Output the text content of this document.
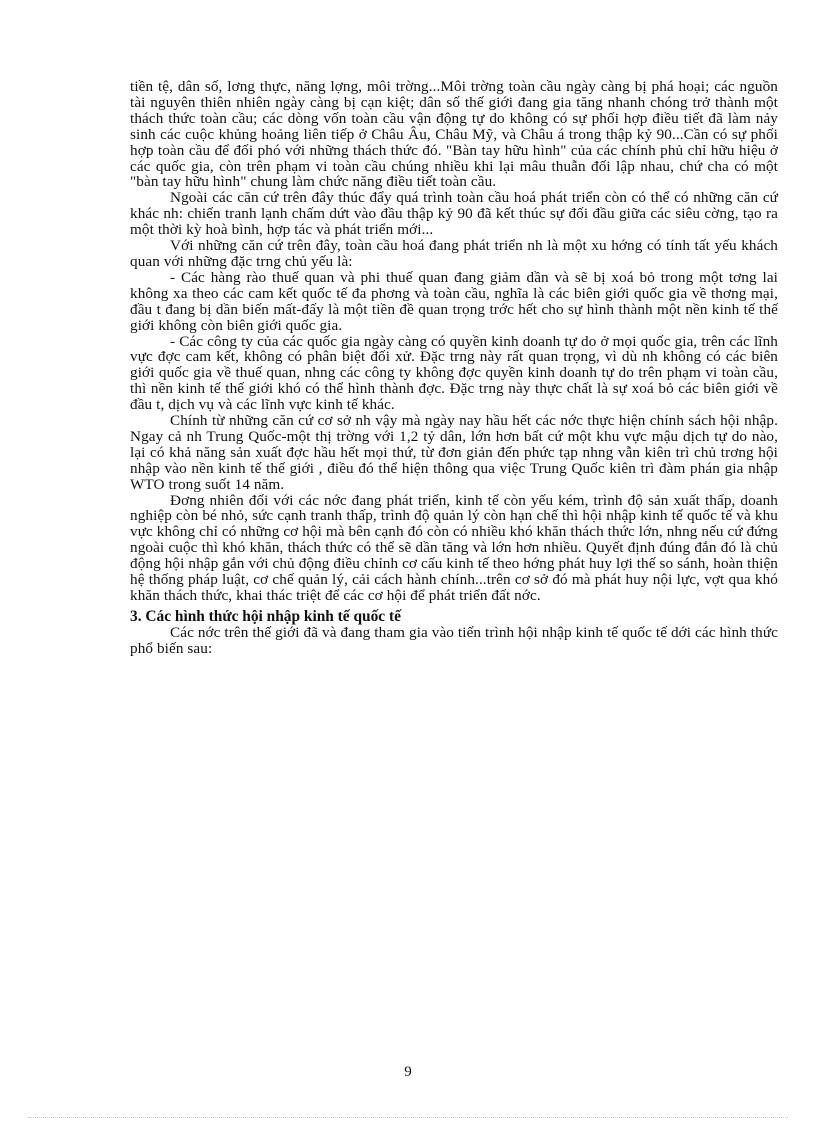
tiền tệ, dân số, lơng thực, năng lợng, môi trờng...Môi trờng toàn cầu ngày càng bị phá hoại; các nguồn tài nguyên thiên nhiên ngày càng bị cạn kiệt; dân số thế giới đang gia tăng nhanh chóng trở thành một thách thức toàn cầu; các dòng vốn toàn cầu vận động tự do không có sự phối hợp điều tiết đã làm nảy sinh các cuộc khủng hoảng liên tiếp ở Châu Âu, Châu Mỹ, và Châu á trong thập kỷ 90...Cần có sự phối hợp toàn cầu để đối phó với những thách thức đó. "Bàn tay hữu hình" của các chính phủ chỉ hữu hiệu ở các quốc gia, còn trên phạm vi toàn cầu chúng nhiều khi lại mâu thuẫn đối lập nhau, chứ cha có một "bàn tay hữu hình" chung làm chức năng điều tiết toàn cầu.

Ngoài các căn cứ trên đây thúc đẩy quá trình toàn cầu hoá phát triển còn có thể có những căn cứ khác nh: chiến tranh lạnh chấm dứt vào đầu thập kỷ 90 đã kết thúc sự đối đầu giữa các siêu cờng, tạo ra một thời kỳ hoà bình, hợp tác và phát triển mới...

Với những căn cứ trên đây, toàn cầu hoá đang phát triển nh là một xu hớng có tính tất yếu khách quan với những đặc trng chủ yếu là:

- Các hàng rào thuế quan và phi thuế quan đang giảm dần và sẽ bị xoá bỏ trong một tơng lai không xa theo các cam kết quốc tế đa phơng và toàn cầu, nghĩa là các biên giới quốc gia về thơng mại, đầu t đang bị dần biến mất-đấy là một tiền đề quan trọng trớc hết cho sự hình thành một nền kinh tế thế giới không còn biên giới quốc gia.

- Các công ty của các quốc gia ngày càng có quyền kinh doanh tự do ở mọi quốc gia, trên các lĩnh vực đợc cam kết, không có phân biệt đối xử. Đặc trng này rất quan trọng, vì dù nh không có các biên giới quốc gia về thuế quan, nhng các công ty không đợc quyền kinh doanh tự do trên phạm vi toàn cầu, thì nền kinh tế thế giới khó có thể hình thành đợc. Đặc trng này thực chất là sự xoá bỏ các biên giới về đầu t, dịch vụ và các lĩnh vực kinh tế khác.

Chính từ những căn cứ cơ sở nh vậy mà ngày nay hầu hết các nớc thực hiện chính sách hội nhập. Ngay cả nh Trung Quốc-một thị trờng với 1,2 tỷ dân, lớn hơn bất cứ một khu vực mậu dịch tự do nào, lại có khả năng sản xuất đợc hầu hết mọi thứ, từ đơn giản đến phức tạp nhng vẫn kiên trì chủ trơng hội nhập vào nền kinh tế thế giới , điều đó thể hiện thông qua việc Trung Quốc kiên trì đàm phán gia nhập WTO trong suốt 14 năm.

Đơng nhiên đối với các nớc đang phát triển, kinh tế còn yếu kém, trình độ sản xuất thấp, doanh nghiệp còn bé nhỏ, sức cạnh tranh thấp, trình độ quản lý còn hạn chế thì hội nhập kinh tế quốc tế và khu vực không chỉ có những cơ hội mà bên cạnh đó còn có nhiều khó khăn thách thức lớn, nhng nếu cứ đứng ngoài cuộc thì khó khăn, thách thức có thể sẽ dần tăng và lớn hơn nhiều. Quyết định đúng đắn đó là chủ động hội nhập gắn với chủ động điều chỉnh cơ cấu kinh tế theo hớng phát huy lợi thế so sánh, hoàn thiện hệ thống pháp luật, cơ chế quản lý, cải cách hành chính...trên cơ sở đó mà phát huy nội lực, vợt qua khó khăn thách thức, khai thác triệt để các cơ hội để phát triển đất nớc.

3. Các hình thức hội nhập kinh tế quốc tế

Các nớc trên thế giới đã và đang tham gia vào tiến trình hội nhập kinh tế quốc tế dới các hình thức phổ biến sau:

9
